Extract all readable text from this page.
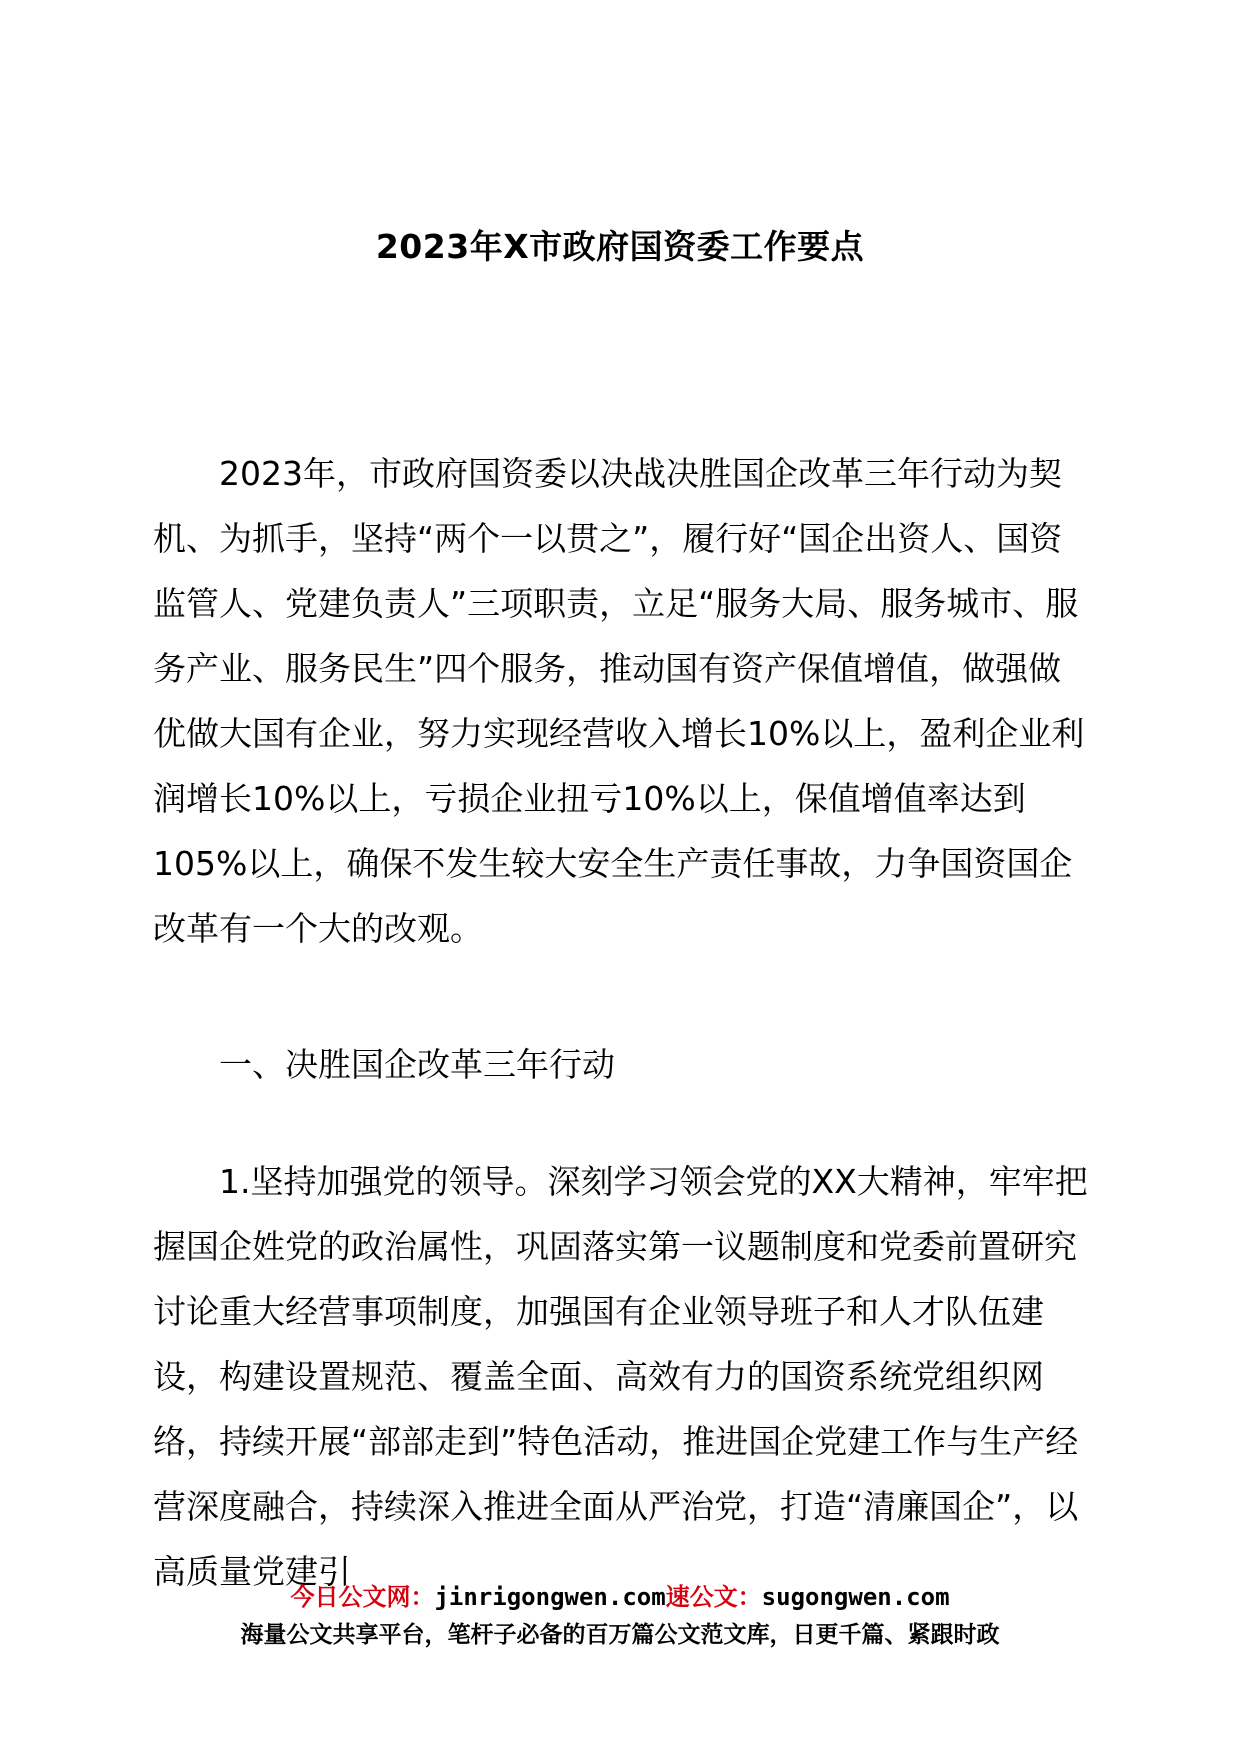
2023年X市政府国资委工作要点

2023年，市政府国资委以决战决胜国企改革三年行动为契机、为抓手，坚持“两个一以贯之”，履行好“国企出资人、国资监管人、党建负责人”三项职责，立足“服务大局、服务城市、服务产业、服务民生”四个服务，推动国有资产保值增值，做强做优做大国有企业，努力实现经营收入增长10%以上，盈利企业利润增长10%以上，亏损企业扭亏10%以上，保值增值率达到105%以上，确保不发生较大安全生产责任事故，力争国资国企改革有一个大的改观。

一、决胜国企改革三年行动

1.坚持加强党的领导。深刻学习领会党的XX大精神，牢牢把握国企姓党的政治属性，巩固落实第一议题制度和党委前置研究讨论重大经营事项制度，加强国有企业领导班子和人才队伍建设，构建设置规范、覆盖全面、高效有力的国资系统党组织网络，持续开展“部部走到”特色活动，推进国企党建工作与生产经营深度融合，持续深入推进全面从严治党，打造“清廉国企”，以高质量党建引

今日公文网：jinrigongwen.com速公文：sugongwen.com
海量公文共享平台，笔杆子必备的百万篇公文范文库，日更千篇、紧跟时政
